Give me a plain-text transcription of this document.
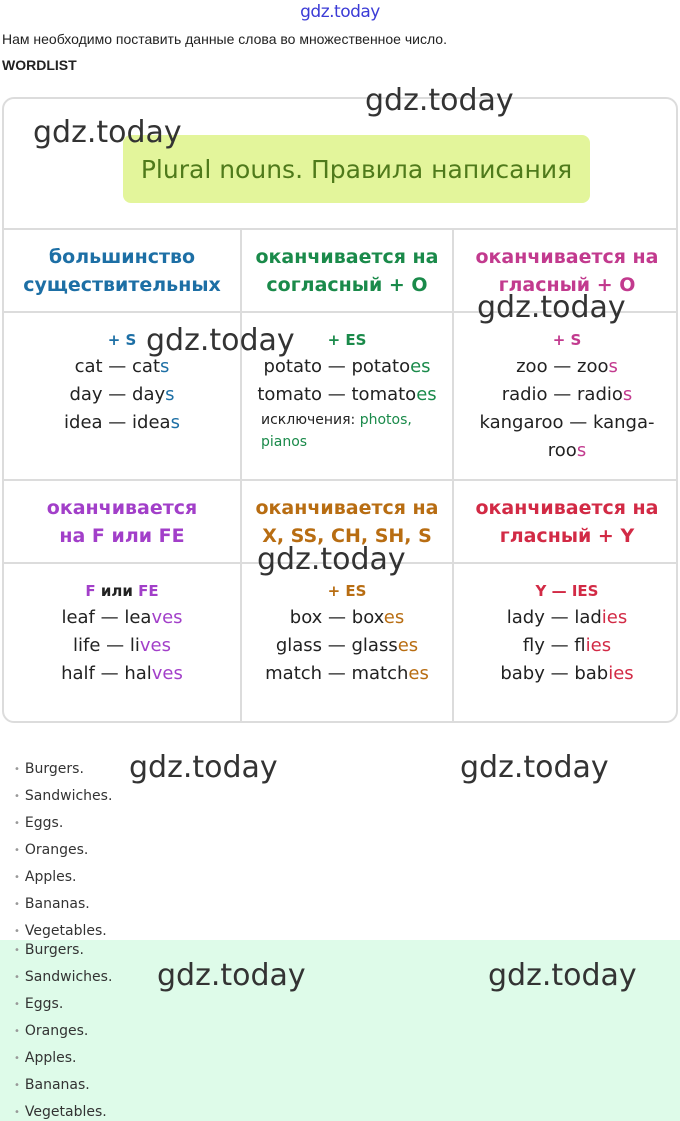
gdz.today
Нам необходимо поставить данные слова во множественное число.
WORDLIST
Plural nouns. Правила написания
большинство
существительных
оканчивается на
согласный + O
оканчивается на
гласный + O
+ S
cat — cats
day — days
idea — ideas
+ ES
potato — potatoes
tomato — tomatoes
исключения: photos,
pianos
+ S
zoo — zoos
radio — radios
kangaroo — kanga-
roos
оканчивается
на F или FE
оканчивается на
X, SS, CH, SH, S
оканчивается на
гласный + Y
F или FE
leaf — leaves
life — lives
half — halves
+ ES
box — boxes
glass — glasses
match — matches
Y — IES
lady — ladies
fly — flies
baby — babies
• Burgers.
• Sandwiches.
• Eggs.
• Oranges.
• Apples.
• Bananas.
• Vegetables.
• Burgers.
• Sandwiches.
• Eggs.
• Oranges.
• Apples.
• Bananas.
• Vegetables.
gdz.today
gdz.today
gdz.today
gdz.today
gdz.today
gdz.today	gdz.today
gdz.today	gdz.today
